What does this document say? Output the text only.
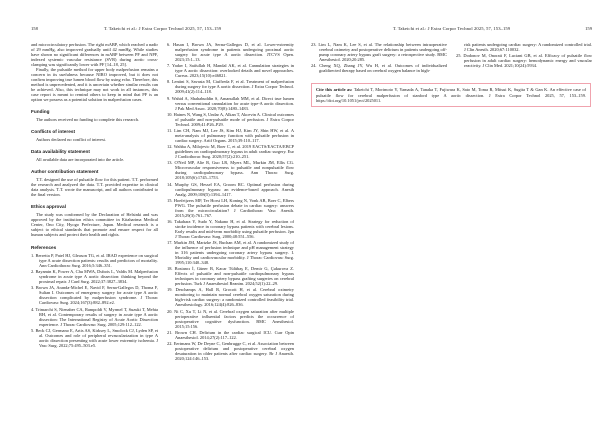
158	T. Takeichi et al.: J Extra Corpor Technol 2025, 57, 153–159

and microcirculatory perfusion. The right mABP, which reached a nadir of 29 mmHg, also improved gradually until 42 mmHg. While studies have shown no significant differences in mABP between PF and NPF, indexed systemic vascular resistance (SVR) during aortic cross-clamping was significantly lower with PF [14–18, 25].

Finally, the pulsatile method for upper body malperfusion remains a concern in its usefulness because NIRO improved, but it does not confirm improving true lumen blood flow by using echo. Therefore, this method is unprecedented, and it is uncertain whether similar results can be achieved. Also, this technique may not work in all instances, this case report is meant to remind others to keep in mind that PF is an option we possess as a potential solution in malperfusion cases.

Funding

The authors received no funding to complete this research.

Conflicts of interest

Authors declared no conflict of interest.

Data availability statement

All available data are incorporated into the article.

Author contribution statement

T.T. designed the use of pulsatile flow for this patient. T.T. performed the research and analyzed the data. T.T. provided expertise in clinical data analysis. T.T. wrote the manuscript, and all authors contributed to the final version.

Ethics approval

The study was conformed by the Declaration of Helsinki and was approved by the institution ethics committee in Kitaharima Medical Center, Ono City, Hyogo Prefecture, Japan. Medical research is a subject to ethical standards that promote and ensure respect for all human subjects and protect their health and rights.

References
1. Berretta P, Patel HJ, Gleason TG, et al. IRAD experience on surgical type A acute dissection patients: results and predictors of mortality. Ann Cardiothorac Surg. 2016;5:346–351.
2. Bayamin K, Power A, Chu MWA, Dubois L, Valdis M. Malperfusion syndrome in acute type A aortic dissection: thinking beyond the proximal repair. J Card Surg. 2022;37:3827–3834.
3. Brown JA, Aranda-Michel E, Navid F, Serna-Gallegos D, Thoma F, Sultan I. Outcomes of emergency surgery for acute type A aortic dissection complicated by malperfusion syndrome. J Thorac Cardiovasc Surg. 2024;167(3):882–892.e2.
4. Trimarchi S, Nienaber CA, Rampoldi V, Myrmel T, Suzuki T, Mehta RH, et al. Contemporary results of surgery in acute type A aortic dissection: The International Registry of Acute Aortic Dissection experience. J Thorac Cardiovasc Surg. 2005;129:112–122.
5. Beck CJ, Germano E, Artis AS, Kirksey L, Smolock CJ, Lyden SP, et al. Outcomes and role of peripheral revascularization in type A aortic dissection presenting with acute lower extremity ischemia. J Vasc Surg. 2022;75:495–503.e5.
6. Hasan I, Brown JA, Serna-Gallegos D, et al. Lower-extremity malperfusion syndrome in patients undergoing proximal aortic surgery for acute type A aortic dissection. JTCVS Open. 2023;15:1–13.
7. Yadav I, Saifullah H, Mandal AK, et al. Cannulation strategies in type A aortic dissection: overlooked details and novel approaches. Cureus. 2023;15(10):e46821.
8. Lentini S, Savasta M, Ciuffreda F, et al. Treatment of malperfusion during surgery for type A aortic dissection. J Extra Corpor Technol. 2009;41(2):114–118.
9. Wahid A, Shahabuddin S, Amanullah MM, et al. Direct true lumen versus conventional cannulation for acute type-A aortic dissection. J Pak Med Assoc. 2020;70(8):1480–1483.
10. Haines N, Wang S, Undar A, Alkan T, Akcevin A. Clinical outcomes of pulsatile and non-pulsatile mode of perfusion. J Extra Corpor Technol. 2009;41:P26–P29.
11. Lim CH, Nam MJ, Lee JS, Kim HJ, Kim JY, Shin HW, et al. A meta-analysis of pulmonary function with pulsatile perfusion in cardiac surgery. Artif Organs. 2015;39:110–117.
12. Wahba A, Milojevic M, Boer C, et al. 2019 EACTS/EACTA/EBCP guidelines on cardiopulmonary bypass in adult cardiac surgery. Eur J Cardiothorac Surg. 2020;57(2):210–251.
13. O'Neil MP, Alie R, Guo LR, Myers ML, Murkin JM, Ellis CG. Microvascular responsiveness to pulsatile and nonpulsatile flow during cardiopulmonary bypass. Ann Thorac Surg. 2018;105(6):1745–1753.
14. Murphy GS, Hessel EA, Groom RC. Optimal perfusion during cardiopulmonary bypass: an evidence-based approach. Anesth Analg. 2009;108(5):1394–1417.
15. Hoefeijzers MP, Ter Horst LH, Koning N, Vonk AB, Boer C, Elbers PWG. The pulsatile perfusion debate in cardiac surgery: answers from the microcirculation? J Cardiothorac Vasc Anesth. 2015;29(3):761–767.
16. Takahara Y, Sudo Y, Nakano H, et al. Strategy for reduction of stroke incidence in coronary bypass patients with cerebral lesions. Early results and mid-term morbidity using pulsatile perfusion. Jpn J Thorac Cardiovasc Surg. 2000;48:551–556.
17. Murkin JM, Martzke JS, Buchan AM, et al. A randomized study of the influence of perfusion technique and pH management strategy in 316 patients undergoing coronary artery bypass surgery. I. Mortality and cardiovascular morbidity. J Thorac Cardiovasc Surg. 1995;110:340–348.
18. Bostancı İ, Güner B, Kacar Tülübaş E, Demir G, Çukurova Z. Effects of pulsatile and non-pulsatile cardiopulmonary bypass techniques in coronary artery bypass grafting surgeries on cerebral perfusion. Turk J Anaesthesiol Reanim. 2024;52(1):22–29.
19. Deschamps A, Hall R, Grocott H, et al. Cerebral oximetry monitoring to maintain normal cerebral oxygen saturation during high-risk cardiac surgery: a randomized controlled feasibility trial. Anesthesiology. 2016;124(4):826–836.
20. Ni C, Xu T, Li N, et al. Cerebral oxygen saturation after multiple perioperative influential factors predicts the occurrence of postoperative cognitive dysfunction. BMC Anesthesiol. 2015;15:156.
21. Brown CH. Delirium in the cardiac surgical ICU. Curr Opin Anaesthesiol. 2014;27(2):117–122.
22. Eertmans W, De Deyne C, Genbrugge C, et al. Association between postoperative delirium and postoperative cerebral oxygen desaturation in older patients after cardiac surgery. Br J Anaesth. 2020;124:146–153.
T. Takeichi et al.: J Extra Corpor Technol 2025, 57, 153–159	159
23. Lim L, Nam K, Lee S, et al. The relationship between intraoperative cerebral oximetry and postoperative delirium in patients undergoing off-pump coronary artery bypass graft surgery: a retrospective study. BMC Anesthesiol. 2020;20:285.
24. Cheng XQ, Zhang JY, Wu H, et al. Outcomes of individualized goaldirected therapy based on cerebral oxygen balance in high-
risk patients undergoing cardiac surgery: A randomized controlled trial. J Clin Anesth. 2020;67:110032.
25. Dodonov M, Onorati F, Luciani GB, et al. Efficacy of pulsatile flow perfusion in adult cardiac surgery: hemodynamic energy and vascular reactivity. J Clin Med. 2021;10(24):5934.
Cite this article as: Takeichi T, Morimoto Y, Yamada A, Tanaka T, Fujiwara K, Sato M, Toma R, Mitsui K, Sugita T & Gan K. An effective case of pulsatile flow for cerebral malperfusion of stanford type A aortic dissection. J Extra Corpor Technol 2025, 57, 153–159. https://doi.org/10.1051/ject/2025011.
